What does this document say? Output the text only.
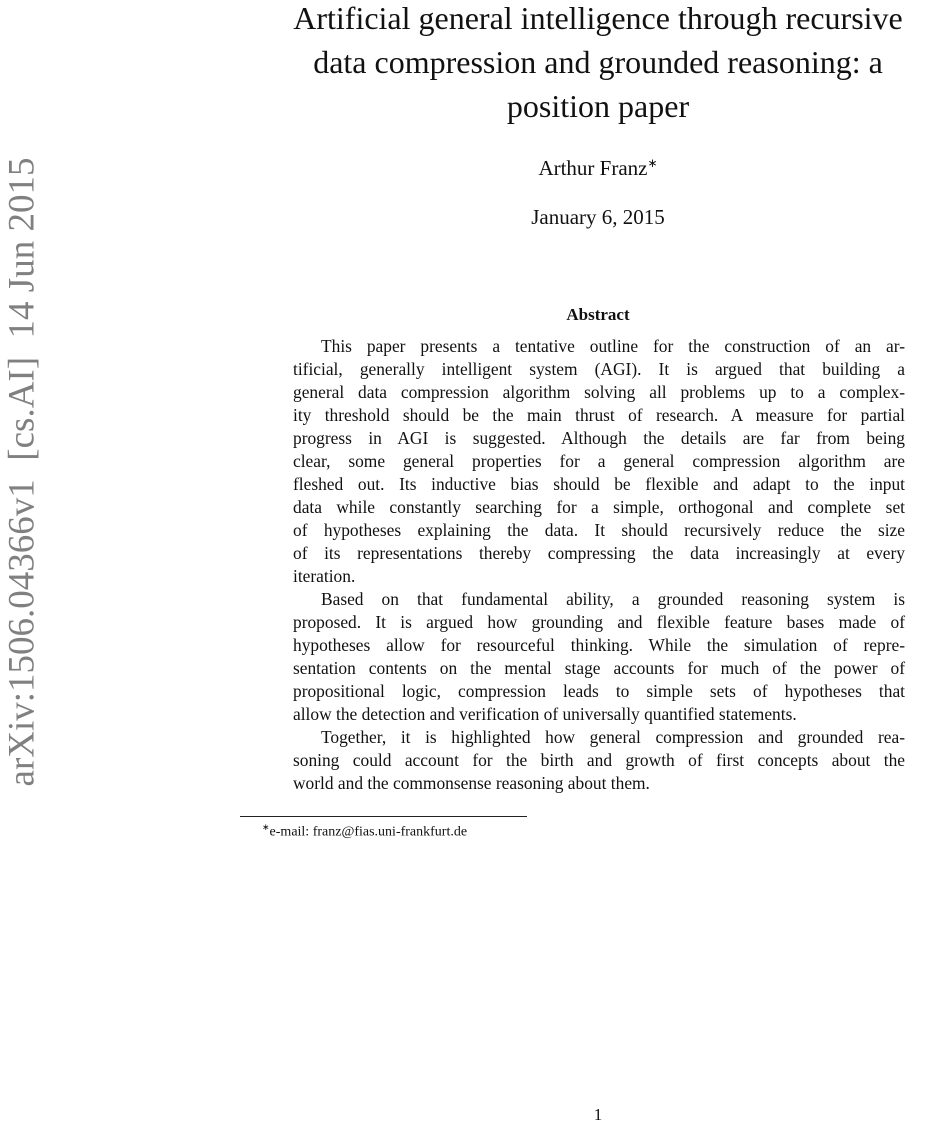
arXiv:1506.04366v1  [cs.AI]  14 Jun 2015
Artificial general intelligence through recursive
data compression and grounded reasoning: a
position paper
Arthur Franz∗
January 6, 2015
Abstract
This paper presents a tentative outline for the construction of an ar-
tificial, generally intelligent system (AGI). It is argued that building a
general data compression algorithm solving all problems up to a complex-
ity threshold should be the main thrust of research. A measure for partial
progress in AGI is suggested. Although the details are far from being
clear, some general properties for a general compression algorithm are
fleshed out. Its inductive bias should be flexible and adapt to the input
data while constantly searching for a simple, orthogonal and complete set
of hypotheses explaining the data. It should recursively reduce the size
of its representations thereby compressing the data increasingly at every
iteration.
Based on that fundamental ability, a grounded reasoning system is
proposed. It is argued how grounding and flexible feature bases made of
hypotheses allow for resourceful thinking. While the simulation of repre-
sentation contents on the mental stage accounts for much of the power of
propositional logic, compression leads to simple sets of hypotheses that
allow the detection and verification of universally quantified statements.
Together, it is highlighted how general compression and grounded rea-
soning could account for the birth and growth of first concepts about the
world and the commonsense reasoning about them.
∗e-mail: franz@fias.uni-frankfurt.de
1
